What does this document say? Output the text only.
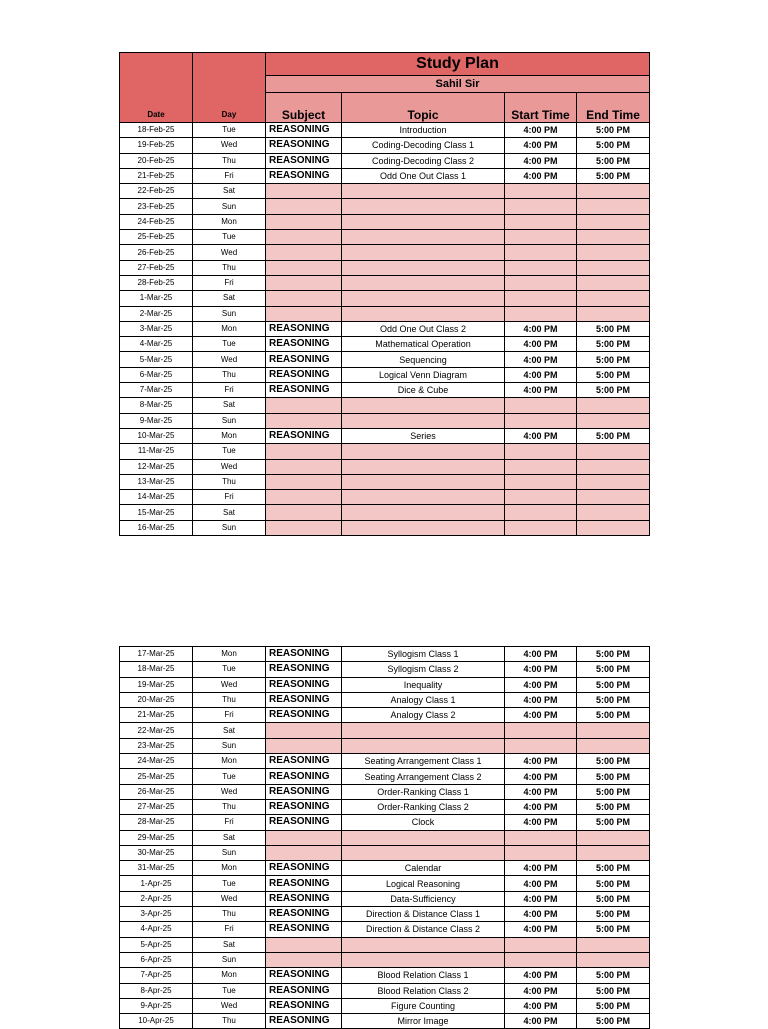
Date	Day	Study Plan			
		Sahil Sir			
		Subject	Topic	Start Time	End Time
18-Feb-25	Tue	REASONING	Introduction	4:00 PM	5:00 PM
19-Feb-25	Wed	REASONING	Coding-Decoding Class 1	4:00 PM	5:00 PM
20-Feb-25	Thu	REASONING	Coding-Decoding Class 2	4:00 PM	5:00 PM
21-Feb-25	Fri	REASONING	Odd One Out Class 1	4:00 PM	5:00 PM
22-Feb-25	Sat				
23-Feb-25	Sun				
24-Feb-25	Mon				
25-Feb-25	Tue				
26-Feb-25	Wed				
27-Feb-25	Thu				
28-Feb-25	Fri				
1-Mar-25	Sat				
2-Mar-25	Sun				
3-Mar-25	Mon	REASONING	Odd One Out Class 2	4:00 PM	5:00 PM
4-Mar-25	Tue	REASONING	Mathematical Operation	4:00 PM	5:00 PM
5-Mar-25	Wed	REASONING	Sequencing	4:00 PM	5:00 PM
6-Mar-25	Thu	REASONING	Logical Venn Diagram	4:00 PM	5:00 PM
7-Mar-25	Fri	REASONING	Dice & Cube	4:00 PM	5:00 PM
8-Mar-25	Sat				
9-Mar-25	Sun				
10-Mar-25	Mon	REASONING	Series	4:00 PM	5:00 PM
11-Mar-25	Tue				
12-Mar-25	Wed				
13-Mar-25	Thu				
14-Mar-25	Fri				
15-Mar-25	Sat				
16-Mar-25	Sun				
17-Mar-25	Mon	REASONING	Syllogism Class 1	4:00 PM	5:00 PM
18-Mar-25	Tue	REASONING	Syllogism Class 2	4:00 PM	5:00 PM
19-Mar-25	Wed	REASONING	Inequality	4:00 PM	5:00 PM
20-Mar-25	Thu	REASONING	Analogy Class 1	4:00 PM	5:00 PM
21-Mar-25	Fri	REASONING	Analogy Class 2	4:00 PM	5:00 PM
22-Mar-25	Sat				
23-Mar-25	Sun				
24-Mar-25	Mon	REASONING	Seating Arrangement Class 1	4:00 PM	5:00 PM
25-Mar-25	Tue	REASONING	Seating Arrangement Class 2	4:00 PM	5:00 PM
26-Mar-25	Wed	REASONING	Order-Ranking Class 1	4:00 PM	5:00 PM
27-Mar-25	Thu	REASONING	Order-Ranking Class 2	4:00 PM	5:00 PM
28-Mar-25	Fri	REASONING	Clock	4:00 PM	5:00 PM
29-Mar-25	Sat				
30-Mar-25	Sun				
31-Mar-25	Mon	REASONING	Calendar	4:00 PM	5:00 PM
1-Apr-25	Tue	REASONING	Logical Reasoning	4:00 PM	5:00 PM
2-Apr-25	Wed	REASONING	Data-Sufficiency	4:00 PM	5:00 PM
3-Apr-25	Thu	REASONING	Direction & Distance Class 1	4:00 PM	5:00 PM
4-Apr-25	Fri	REASONING	Direction & Distance Class 2	4:00 PM	5:00 PM
5-Apr-25	Sat				
6-Apr-25	Sun				
7-Apr-25	Mon	REASONING	Blood Relation Class 1	4:00 PM	5:00 PM
8-Apr-25	Tue	REASONING	Blood Relation Class 2	4:00 PM	5:00 PM
9-Apr-25	Wed	REASONING	Figure Counting	4:00 PM	5:00 PM
10-Apr-25	Thu	REASONING	Mirror Image	4:00 PM	5:00 PM
